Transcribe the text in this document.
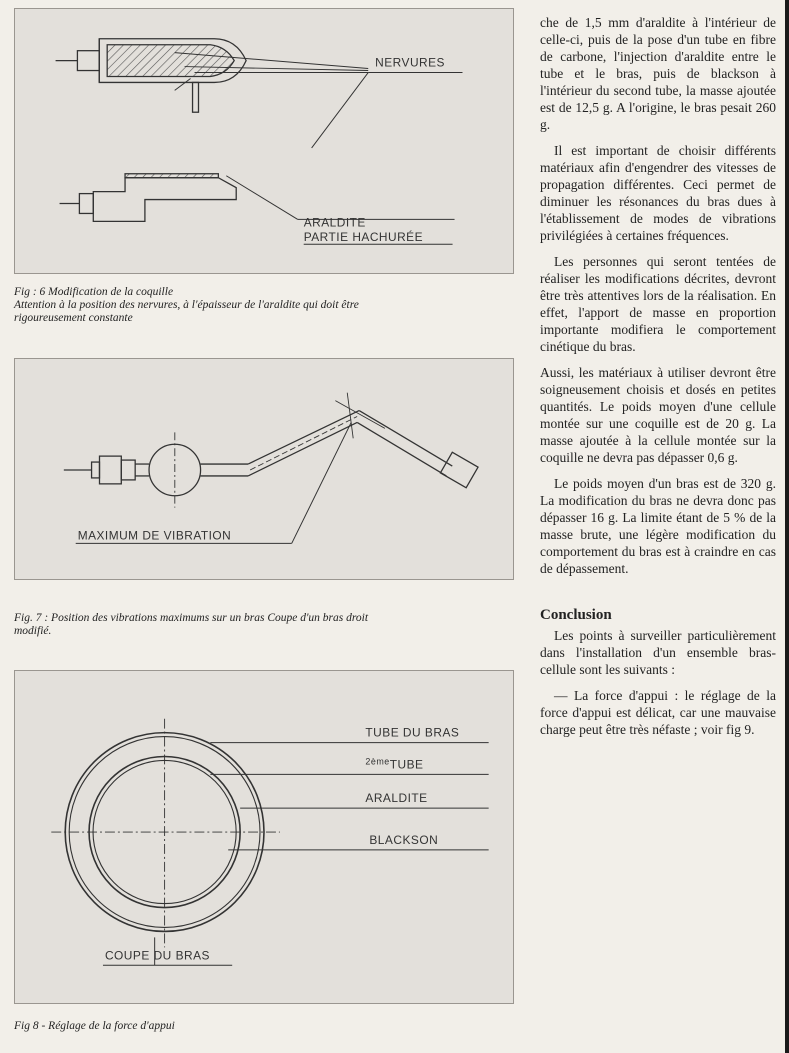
NERVURES
ARALDITE
PARTIE HACHURÉE
Fig : 6 Modification de la coquille
Attention à la position des nervures, à l'épaisseur de l'araldite qui doit être
rigoureusement constante
MAXIMUM DE VIBRATION
Fig. 7 : Position des vibrations maximums sur un bras Coupe d'un bras droit
modifié.
TUBE DU BRAS
$^{2ème}$TUBE
ARALDITE
BLACKSON
COUPE DU BRAS
Fig 8 - Réglage de la force d'appui

che de 1,5 mm d'araldite à l'intérieur de celle-ci, puis de la pose d'un tube en fibre de carbone, l'injection d'araldite entre le tube et le bras, puis de blackson à l'intérieur du second tube, la masse ajoutée est de 12,5 g. A l'origine, le bras pesait 260 g.

Il est important de choisir différents matériaux afin d'engendrer des vitesses de propagation différentes. Ceci permet de diminuer les résonances du bras dues à l'établissement de modes de vibrations privilégiées à certaines fréquences.

Les personnes qui seront tentées de réaliser les modifications décrites, devront être très attentives lors de la réalisation. En effet, l'apport de masse en proportion importante modifiera le comportement cinétique du bras.

Aussi, les matériaux à utiliser devront être soigneusement choisis et dosés en petites quantités. Le poids moyen d'une cellule montée sur une coquille est de 20 g. La masse ajoutée à la cellule montée sur la coquille ne devra pas dépasser 0,6 g.

Le poids moyen d'un bras est de 320 g. La modification du bras ne devra donc pas dépasser 16 g. La limite étant de 5 % de la masse brute, une légère modification du comportement du bras est à craindre en cas de dépassement.

Conclusion

Les points à surveiller particulièrement dans l'installation d'un ensemble bras-cellule sont les suivants :

— La force d'appui : le réglage de la force d'appui est délicat, car une mauvaise charge peut être très néfaste ; voir fig 9.
